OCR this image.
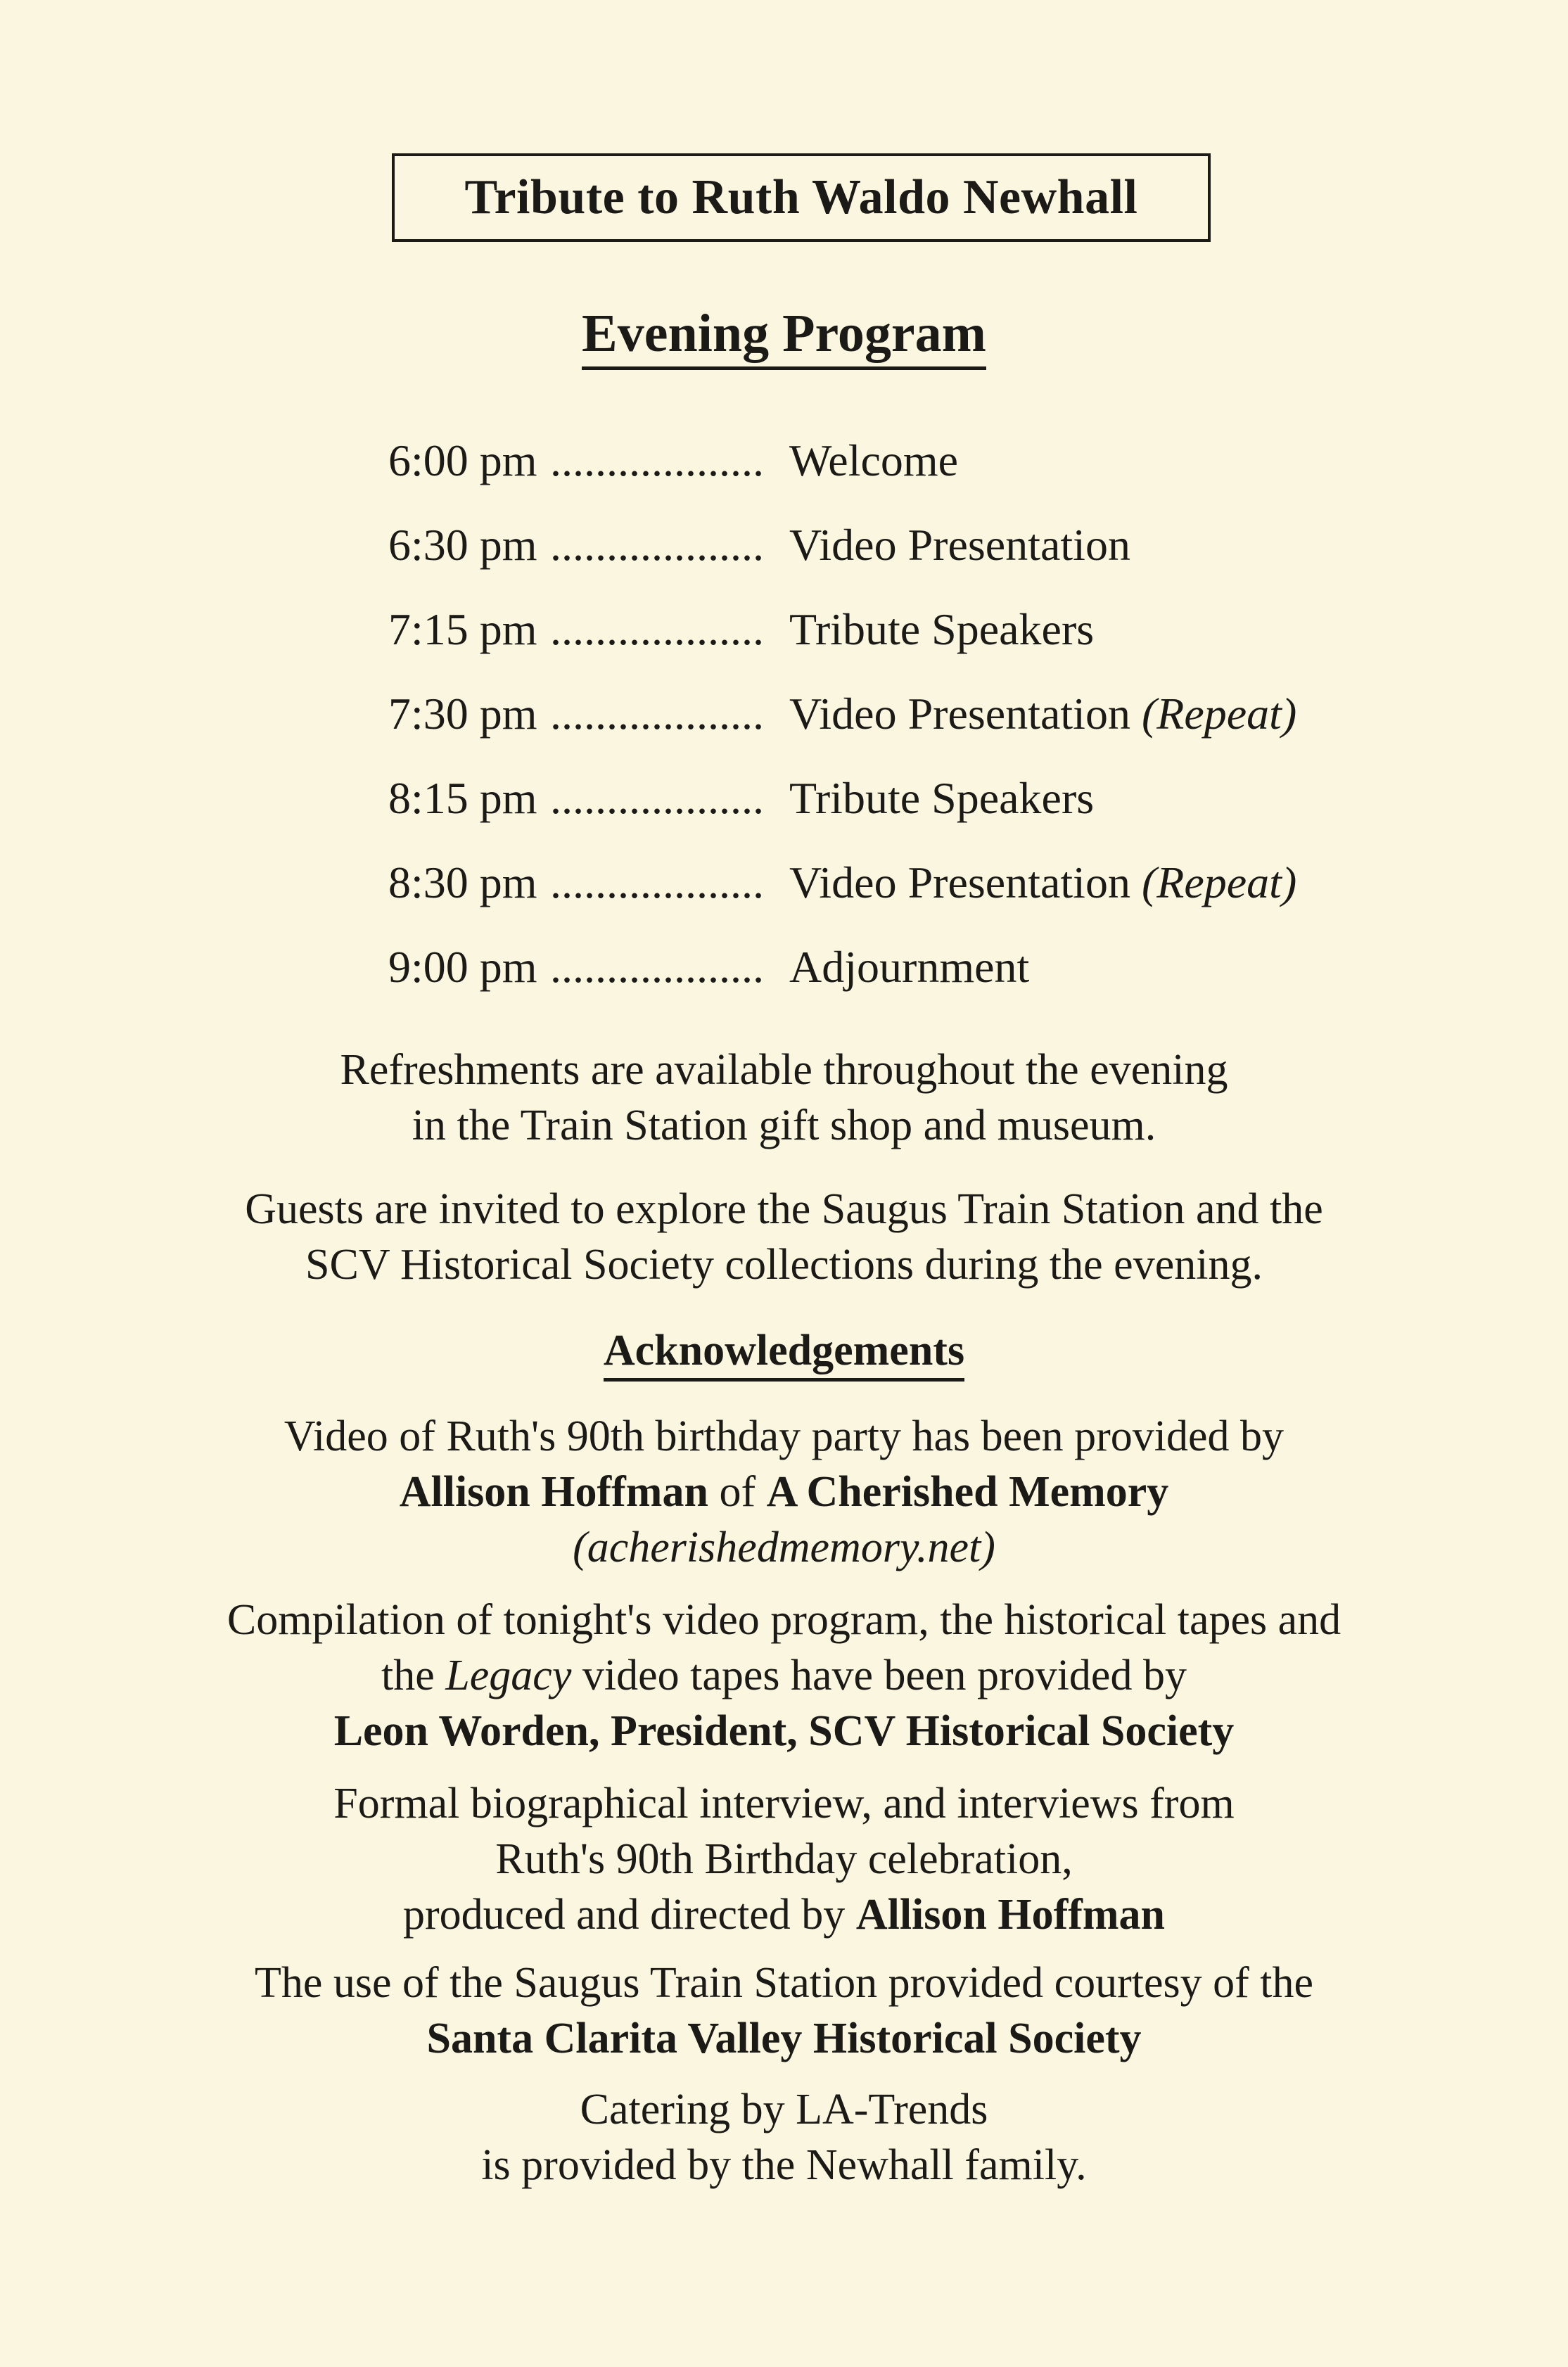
Tribute to Ruth Waldo Newhall
Evening Program
6:00 pm ................... Welcome
6:30 pm ................... Video Presentation
7:15 pm ................... Tribute Speakers
7:30 pm ................... Video Presentation (Repeat)
8:15 pm ................... Tribute Speakers
8:30 pm ................... Video Presentation (Repeat)
9:00 pm ................... Adjournment
Refreshments are available throughout the evening
in the Train Station gift shop and museum.
Guests are invited to explore the Saugus Train Station and the
SCV Historical Society collections during the evening.
Acknowledgements
Video of Ruth's 90th birthday party has been provided by
Allison Hoffman of A Cherished Memory
(acherishedmemory.net)
Compilation of tonight's video program, the historical tapes and
the Legacy video tapes have been provided by
Leon Worden, President, SCV Historical Society
Formal biographical interview, and interviews from
Ruth's 90th Birthday celebration,
produced and directed by Allison Hoffman
The use of the Saugus Train Station provided courtesy of the
Santa Clarita Valley Historical Society
Catering by LA-Trends
is provided by the Newhall family.
